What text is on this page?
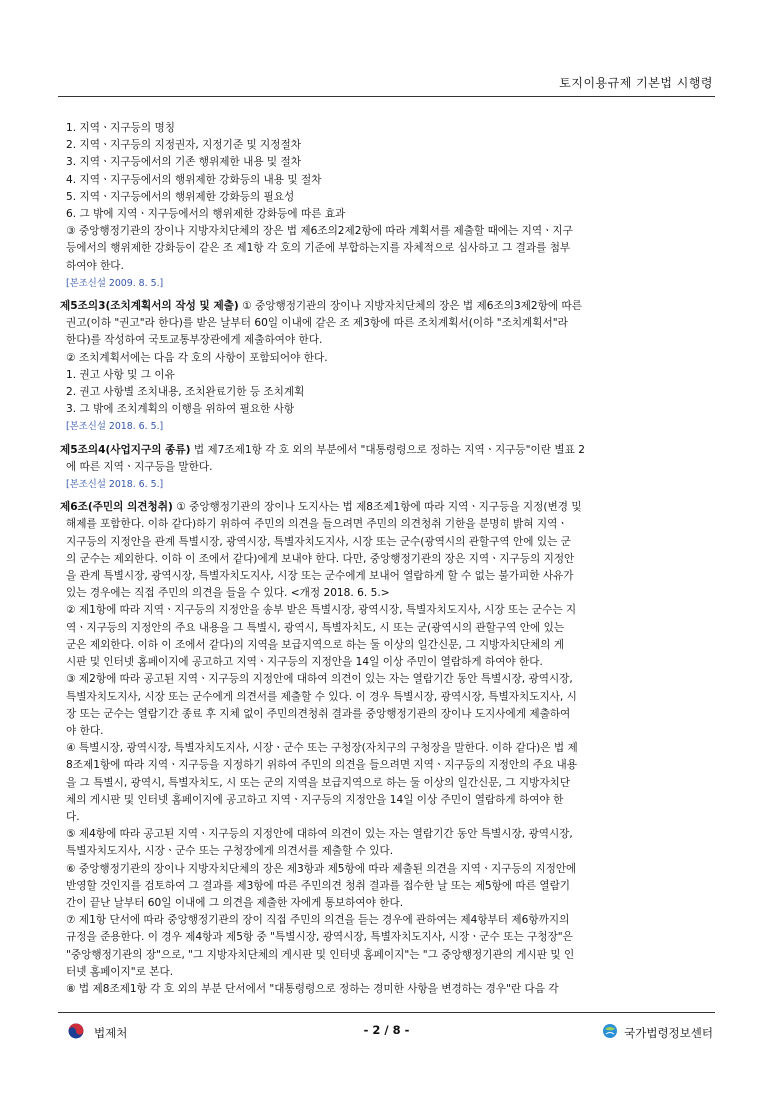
토지이용규제 기본법 시행령
1. 지역ㆍ지구등의 명칭
2. 지역ㆍ지구등의 지정권자, 지정기준 및 지정절차
3. 지역ㆍ지구등에서의 기존 행위제한 내용 및 절차
4. 지역ㆍ지구등에서의 행위제한 강화등의 내용 및 절차
5. 지역ㆍ지구등에서의 행위제한 강화등의 필요성
6. 그 밖에 지역ㆍ지구등에서의 행위제한 강화등에 따른 효과
③ 중앙행정기관의 장이나 지방자치단체의 장은 법 제6조의2제2항에 따라 계획서를 제출할 때에는 지역ㆍ지구
등에서의 행위제한 강화등이 같은 조 제1항 각 호의 기준에 부합하는지를 자체적으로 심사하고 그 결과를 첨부
하여야 한다.
[본조신설 2009. 8. 5.]
제5조의3(조치계획서의 작성 및 제출) ① 중앙행정기관의 장이나 지방자치단체의 장은 법 제6조의3제2항에 따른
권고(이하 "권고"라 한다)를 받은 날부터 60일 이내에 같은 조 제3항에 따른 조치계획서(이하 "조치계획서"라
한다)를 작성하여 국토교통부장관에게 제출하여야 한다.
② 조치계획서에는 다음 각 호의 사항이 포함되어야 한다.
1. 권고 사항 및 그 이유
2. 권고 사항별 조치내용, 조치완료기한 등 조치계획
3. 그 밖에 조치계획의 이행을 위하여 필요한 사항
[본조신설 2018. 6. 5.]
제5조의4(사업지구의 종류) 법 제7조제1항 각 호 외의 부분에서 "대통령령으로 정하는 지역ㆍ지구등"이란 별표 2
에 따른 지역ㆍ지구등을 말한다.
[본조신설 2018. 6. 5.]
제6조(주민의 의견청취) ① 중앙행정기관의 장이나 도지사는 법 제8조제1항에 따라 지역ㆍ지구등을 지정(변경 및
해제를 포함한다. 이하 같다)하기 위하여 주민의 의견을 들으려면 주민의 의견청취 기한을 분명히 밝혀 지역ㆍ
지구등의 지정안을 관계 특별시장, 광역시장, 특별자치도지사, 시장 또는 군수(광역시의 관할구역 안에 있는 군
의 군수는 제외한다. 이하 이 조에서 같다)에게 보내야 한다. 다만, 중앙행정기관의 장은 지역ㆍ지구등의 지정안
을 관계 특별시장, 광역시장, 특별자치도지사, 시장 또는 군수에게 보내어 열람하게 할 수 없는 불가피한 사유가
있는 경우에는 직접 주민의 의견을 들을 수 있다. <개정 2018. 6. 5.>
② 제1항에 따라 지역ㆍ지구등의 지정안을 송부 받은 특별시장, 광역시장, 특별자치도지사, 시장 또는 군수는 지
역ㆍ지구등의 지정안의 주요 내용을 그 특별시, 광역시, 특별자치도, 시 또는 군(광역시의 관할구역 안에 있는
군은 제외한다. 이하 이 조에서 같다)의 지역을 보급지역으로 하는 둘 이상의 일간신문, 그 지방자치단체의 게
시판 및 인터넷 홈페이지에 공고하고 지역ㆍ지구등의 지정안을 14일 이상 주민이 열람하게 하여야 한다.
③ 제2항에 따라 공고된 지역ㆍ지구등의 지정안에 대하여 의견이 있는 자는 열람기간 동안 특별시장, 광역시장,
특별자치도지사, 시장 또는 군수에게 의견서를 제출할 수 있다. 이 경우 특별시장, 광역시장, 특별자치도지사, 시
장 또는 군수는 열람기간 종료 후 지체 없이 주민의견청취 결과를 중앙행정기관의 장이나 도지사에게 제출하여
야 한다.
④ 특별시장, 광역시장, 특별자치도지사, 시장ㆍ군수 또는 구청장(자치구의 구청장을 말한다. 이하 같다)은 법 제
8조제1항에 따라 지역ㆍ지구등을 지정하기 위하여 주민의 의견을 들으려면 지역ㆍ지구등의 지정안의 주요 내용
을 그 특별시, 광역시, 특별자치도, 시 또는 군의 지역을 보급지역으로 하는 둘 이상의 일간신문, 그 지방자치단
체의 게시판 및 인터넷 홈페이지에 공고하고 지역ㆍ지구등의 지정안을 14일 이상 주민이 열람하게 하여야 한
다.
⑤ 제4항에 따라 공고된 지역ㆍ지구등의 지정안에 대하여 의견이 있는 자는 열람기간 동안 특별시장, 광역시장,
특별자치도지사, 시장ㆍ군수 또는 구청장에게 의견서를 제출할 수 있다.
⑥ 중앙행정기관의 장이나 지방자치단체의 장은 제3항과 제5항에 따라 제출된 의견을 지역ㆍ지구등의 지정안에
반영할 것인지를 검토하여 그 결과를 제3항에 따른 주민의견 청취 결과를 접수한 날 또는 제5항에 따른 열람기
간이 끝난 날부터 60일 이내에 그 의견을 제출한 자에게 통보하여야 한다.
⑦ 제1항 단서에 따라 중앙행정기관의 장이 직접 주민의 의견을 듣는 경우에 관하여는 제4항부터 제6항까지의
규정을 준용한다. 이 경우 제4항과 제5항 중 "특별시장, 광역시장, 특별자치도지사, 시장ㆍ군수 또는 구청장"은
"중앙행정기관의 장"으로, "그 지방자치단체의 게시판 및 인터넷 홈페이지"는 "그 중앙행정기관의 게시판 및 인
터넷 홈페이지"로 본다.
⑧ 법 제8조제1항 각 호 외의 부분 단서에서 "대통령령으로 정하는 경미한 사항을 변경하는 경우"란 다음 각
법제처	- 2 / 8 -	국가법령정보센터
